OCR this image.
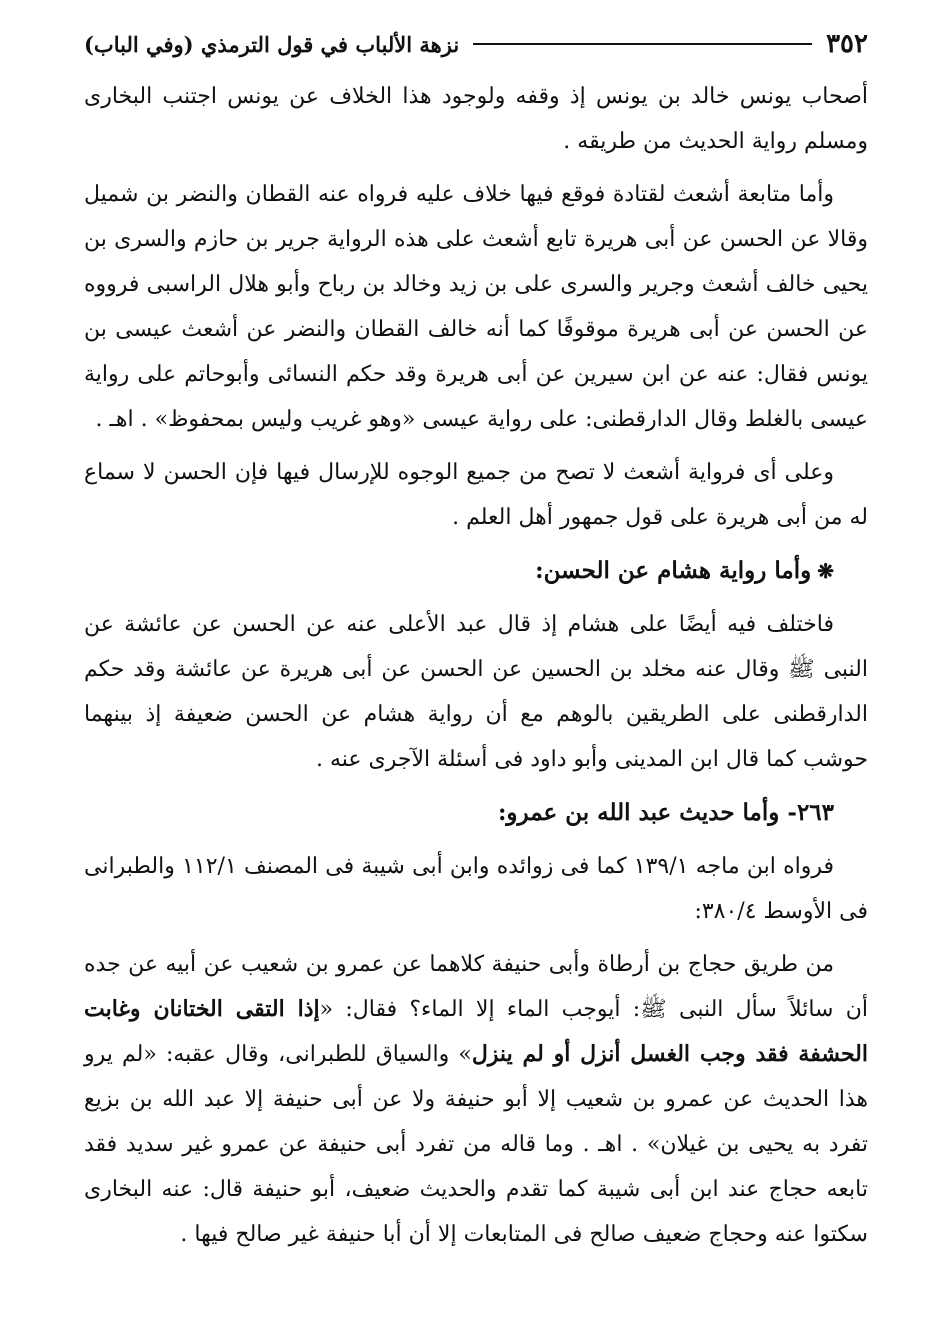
٣٥٢
نزهة الألباب في قول الترمذي (وفي الباب)

أصحاب يونس خالد بن يونس إذ وقفه ولوجود هذا الخلاف عن يونس اجتنب البخارى ومسلم رواية الحديث من طريقه .

وأما متابعة أشعث لقتادة فوقع فيها خلاف عليه فرواه عنه القطان والنضر بن شميل وقالا عن الحسن عن أبى هريرة تابع أشعث على هذه الرواية جرير بن حازم والسرى بن يحيى خالف أشعث وجرير والسرى على بن زيد وخالد بن رباح وأبو هلال الراسبى فرووه عن الحسن عن أبى هريرة موقوفًا كما أنه خالف القطان والنضر عن أشعث عيسى بن يونس فقال: عنه عن ابن سيرين عن أبى هريرة وقد حكم النسائى وأبوحاتم على رواية عيسى بالغلط وقال الدارقطنى: على رواية عيسى «وهو غريب وليس بمحفوظ» . اهـ .

وعلى أى فرواية أشعث لا تصح من جميع الوجوه للإرسال فيها فإن الحسن لا سماع له من أبى هريرة على قول جمهور أهل العلم .

❋وأما رواية هشام عن الحسن:

فاختلف فيه أيضًا على هشام إذ قال عبد الأعلى عنه عن الحسن عن عائشة عن النبى ﷺ وقال عنه مخلد بن الحسين عن الحسن عن أبى هريرة عن عائشة وقد حكم الدارقطنى على الطريقين بالوهم مع أن رواية هشام عن الحسن ضعيفة إذ بينهما حوشب كما قال ابن المدينى وأبو داود فى أسئلة الآجرى عنه .

٢٦٣- وأما حديث عبد الله بن عمرو:

فرواه ابن ماجه ١٣٩/١ كما فى زوائده وابن أبى شيبة فى المصنف ١١٢/١ والطبرانى فى الأوسط ٣٨٠/٤:

من طريق حجاج بن أرطاة وأبى حنيفة كلاهما عن عمرو بن شعيب عن أبيه عن جده أن سائلاً سأل النبى ﷺ: أيوجب الماء إلا الماء؟ فقال: «إذا التقى الختانان وغابت الحشفة فقد وجب الغسل أنزل أو لم ينزل» والسياق للطبرانى، وقال عقبه: «لم يرو هذا الحديث عن عمرو بن شعيب إلا أبو حنيفة ولا عن أبى حنيفة إلا عبد الله بن بزيع تفرد به يحيى بن غيلان» . اهـ . وما قاله من تفرد أبى حنيفة عن عمرو غير سديد فقد تابعه حجاج عند ابن أبى شيبة كما تقدم والحديث ضعيف، أبو حنيفة قال: عنه البخارى سكتوا عنه وحجاج ضعيف صالح فى المتابعات إلا أن أبا حنيفة غير صالح فيها .
